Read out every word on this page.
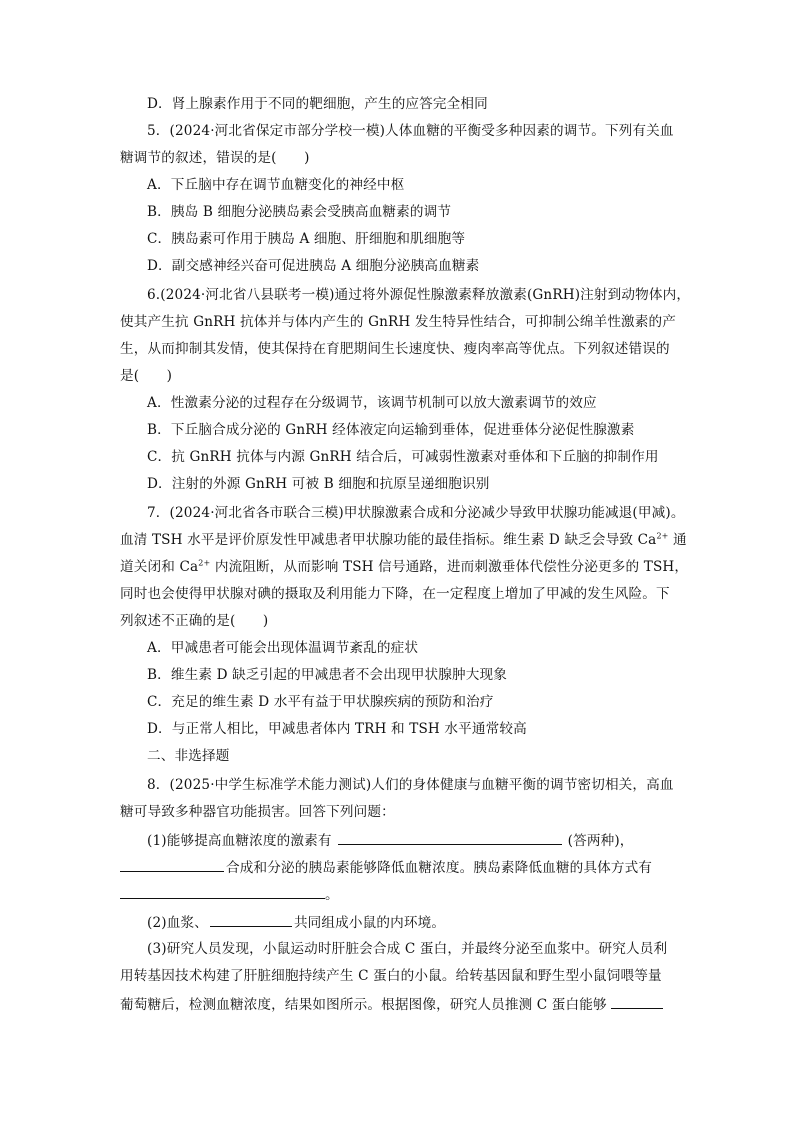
D．肾上腺素作用于不同的靶细胞，产生的应答完全相同
5．(2024·河北省保定市部分学校一模)人体血糖的平衡受多种因素的调节。下列有关血
糖调节的叙述，错误的是(　　)
A．下丘脑中存在调节血糖变化的神经中枢
B．胰岛 B 细胞分泌胰岛素会受胰高血糖素的调节
C．胰岛素可作用于胰岛 A 细胞、肝细胞和肌细胞等
D．副交感神经兴奋可促进胰岛 A 细胞分泌胰高血糖素
6.(2024·河北省八县联考一模)通过将外源促性腺激素释放激素(GnRH)注射到动物体内，
使其产生抗 GnRH 抗体并与体内产生的 GnRH 发生特异性结合，可抑制公绵羊性激素的产
生，从而抑制其发情，使其保持在育肥期间生长速度快、瘦肉率高等优点。下列叙述错误的
是(　　)
A．性激素分泌的过程存在分级调节，该调节机制可以放大激素调节的效应
B．下丘脑合成分泌的 GnRH 经体液定向运输到垂体，促进垂体分泌促性腺激素
C．抗 GnRH 抗体与内源 GnRH 结合后，可减弱性激素对垂体和下丘脑的抑制作用
D．注射的外源 GnRH 可被 B 细胞和抗原呈递细胞识别
7．(2024·河北省各市联合三模)甲状腺激素合成和分泌减少导致甲状腺功能减退(甲减)。
血清 TSH 水平是评价原发性甲减患者甲状腺功能的最佳指标。维生素 D 缺乏会导致 $Ca^{2+}$ 通
道关闭和 $Ca^{2+}$ 内流阻断，从而影响 TSH 信号通路，进而刺激垂体代偿性分泌更多的 TSH，
同时也会使得甲状腺对碘的摄取及利用能力下降，在一定程度上增加了甲减的发生风险。下
列叙述不正确的是(　　)
A．甲减患者可能会出现体温调节紊乱的症状
B．维生素 D 缺乏引起的甲减患者不会出现甲状腺肿大现象
C．充足的维生素 D 水平有益于甲状腺疾病的预防和治疗
D．与正常人相比，甲减患者体内 TRH 和 TSH 水平通常较高
二、非选择题
8．(2025·中学生标准学术能力测试)人们的身体健康与血糖平衡的调节密切相关，高血
糖可导致多种器官功能损害。回答下列问题：
(1)能够提高血糖浓度的激素有	(答两种)，
合成和分泌的胰岛素能够降低血糖浓度。胰岛素降低血糖的具体方式有
。
(2)血浆、	共同组成小鼠的内环境。
(3)研究人员发现，小鼠运动时肝脏会合成 C 蛋白，并最终分泌至血浆中。研究人员利
用转基因技术构建了肝脏细胞持续产生 C 蛋白的小鼠。给转基因鼠和野生型小鼠饲喂等量
葡萄糖后，检测血糖浓度，结果如图所示。根据图像，研究人员推测 C 蛋白能够
